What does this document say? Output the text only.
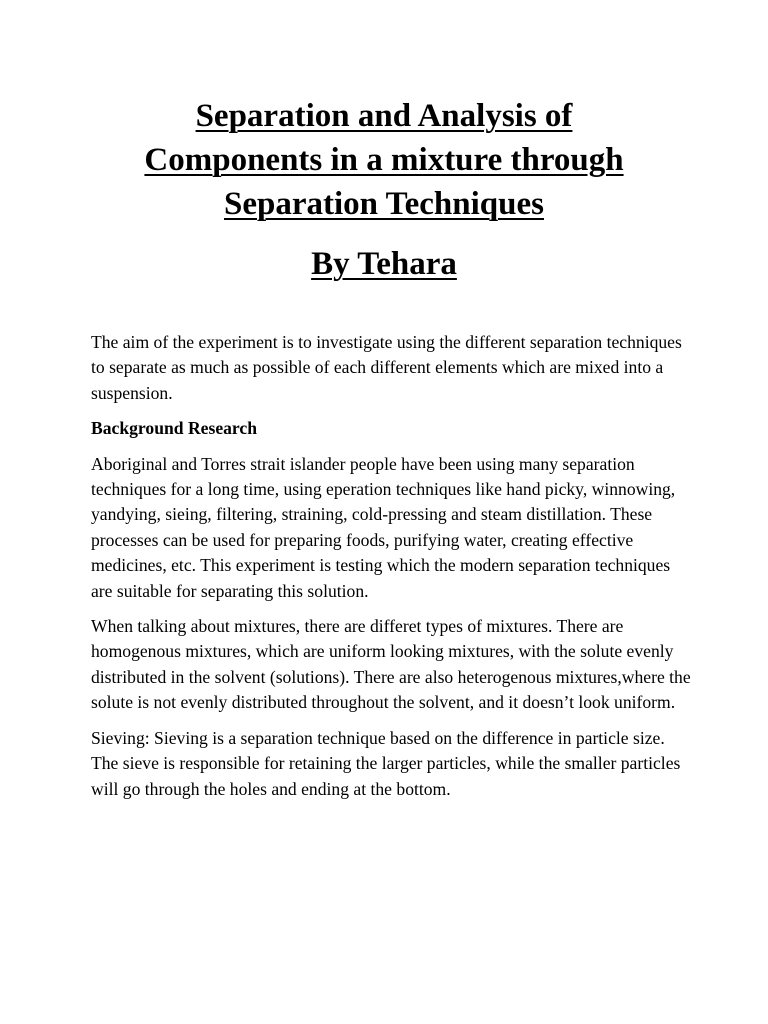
Separation and Analysis of
Components in a mixture through
Separation Techniques
By Tehara

The aim of the experiment is to investigate using the different separation techniques to separate as much as possible of each different elements which are mixed into a suspension.

Background Research

Aboriginal and Torres strait islander people have been using many separation techniques for a long time, using eperation techniques like hand picky, winnowing, yandying, sieing, filtering, straining, cold-pressing and steam distillation. These processes can be used for preparing foods, purifying water, creating effective medicines, etc. This experiment is testing which the modern separation techniques are suitable for separating this solution.

When talking about mixtures, there are differet types of mixtures. There are homogenous mixtures, which are uniform looking mixtures, with the solute evenly distributed in the solvent (solutions). There are also heterogenous mixtures,where the solute is not evenly distributed throughout the solvent, and it doesn’t look uniform.

Sieving: Sieving is a separation technique based on the difference in particle size. The sieve is responsible for retaining the larger particles, while the smaller particles will go through the holes and ending at the bottom.
